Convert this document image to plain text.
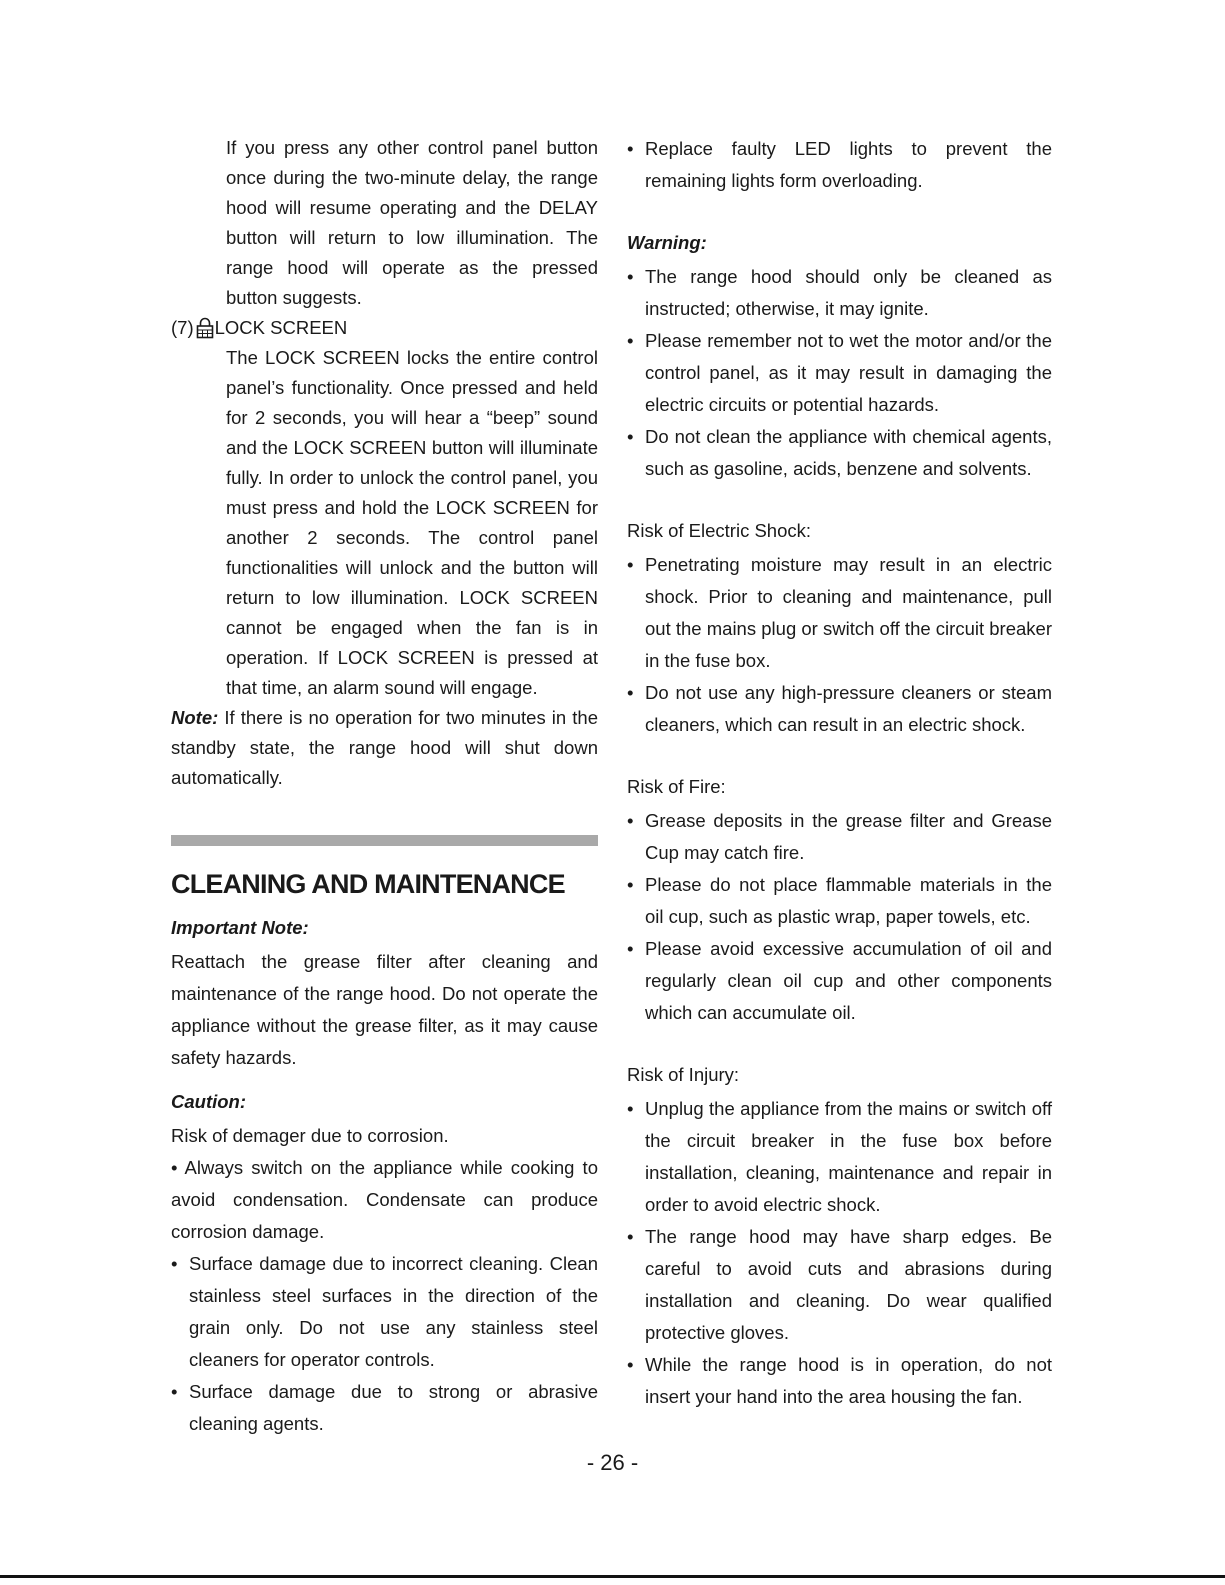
If you press any other control panel button once during the two-minute delay, the range hood will resume operating and the DELAY button will return to low illumination. The range hood will operate as the pressed button suggests.

(7) LOCK SCREEN

The LOCK SCREEN locks the entire control panel’s functionality. Once pressed and held for 2 seconds, you will hear a “beep” sound and the LOCK SCREEN button will illuminate fully. In order to unlock the control panel, you must press and hold the LOCK SCREEN for another 2 seconds. The control panel functionalities will unlock and the button will return to low illumination. LOCK SCREEN cannot be engaged when the fan is in operation. If LOCK SCREEN is pressed at that time, an alarm sound will engage.

Note: If there is no operation for two minutes in the standby state, the range hood will shut down automatically.

CLEANING AND MAINTENANCE
Important Note:

Reattach the grease filter after cleaning and maintenance of the range hood. Do not operate the appliance without the grease filter, as it may cause safety hazards.

Caution:

Risk of demager due to corrosion.

• Always switch on the appliance while cooking to avoid condensation. Condensate can produce corrosion damage.

• Surface damage due to incorrect cleaning. Clean stainless steel surfaces in the direction of the grain only. Do not use any stainless steel cleaners for operator controls.
• Surface damage due to strong or abrasive cleaning agents.
• Replace faulty LED lights to prevent the remaining lights form overloading.
Warning:
• The range hood should only be cleaned as instructed; otherwise, it may ignite.
• Please remember not to wet the motor and/or the control panel, as it may result in damaging the electric circuits or potential hazards.
• Do not clean the appliance with chemical agents, such as gasoline, acids, benzene and solvents.
Risk of Electric Shock:
• Penetrating moisture may result in an electric shock. Prior to cleaning and maintenance, pull out the mains plug or switch off the circuit breaker in the fuse box.
• Do not use any high-pressure cleaners or steam cleaners, which can result in an electric shock.
Risk of Fire:
• Grease deposits in the grease filter and Grease Cup may catch fire.
• Please do not place flammable materials in the oil cup, such as plastic wrap, paper towels, etc.
• Please avoid excessive accumulation of oil and regularly clean oil cup and other components which can accumulate oil.
Risk of Injury:
• Unplug the appliance from the mains or switch off the circuit breaker in the fuse box before installation, cleaning, maintenance and repair in order to avoid electric shock.
• The range hood may have sharp edges. Be careful to avoid cuts and abrasions during installation and cleaning. Do wear qualified protective gloves.
• While the range hood is in operation, do not insert your hand into the area housing the fan.
- 26 -
